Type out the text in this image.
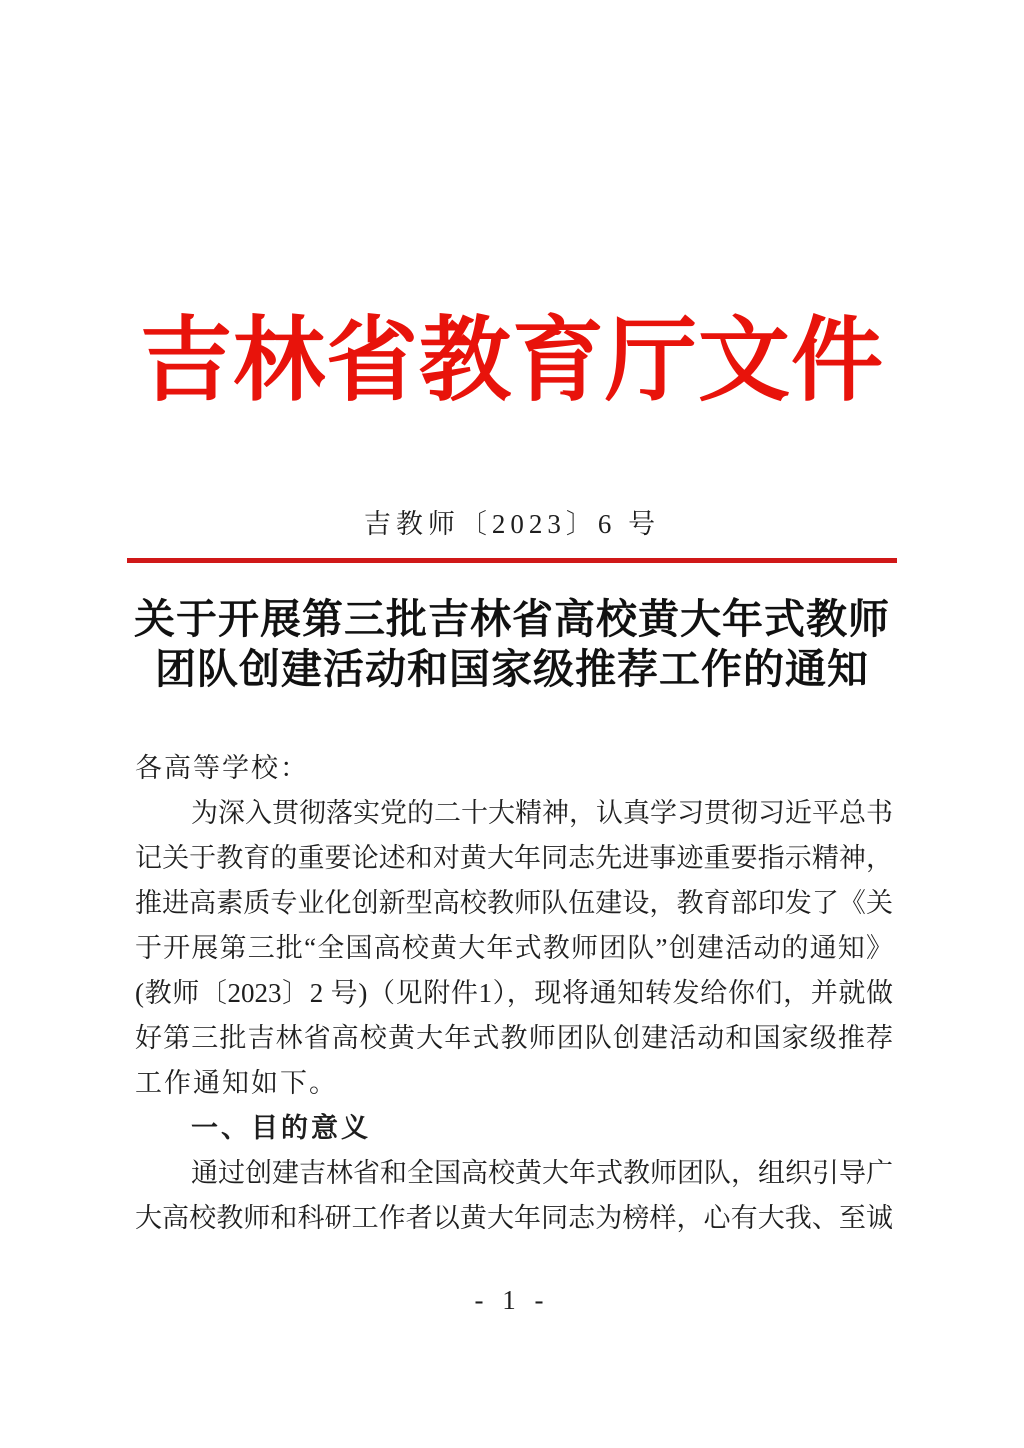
吉林省教育厅文件
吉教师〔2023〕6 号
关于开展第三批吉林省高校黄大年式教师
团队创建活动和国家级推荐工作的通知
各高等学校：
为深入贯彻落实党的二十大精神，认真学习贯彻习近平总书
记关于教育的重要论述和对黄大年同志先进事迹重要指示精神，
推进高素质专业化创新型高校教师队伍建设，教育部印发了《关
于开展第三批“全国高校黄大年式教师团队”创建活动的通知》
(教师〔2023〕2 号)（见附件1），现将通知转发给你们，并就做
好第三批吉林省高校黄大年式教师团队创建活动和国家级推荐
工作通知如下。
一、目的意义
通过创建吉林省和全国高校黄大年式教师团队，组织引导广
大高校教师和科研工作者以黄大年同志为榜样，心有大我、至诚
- 1 -
